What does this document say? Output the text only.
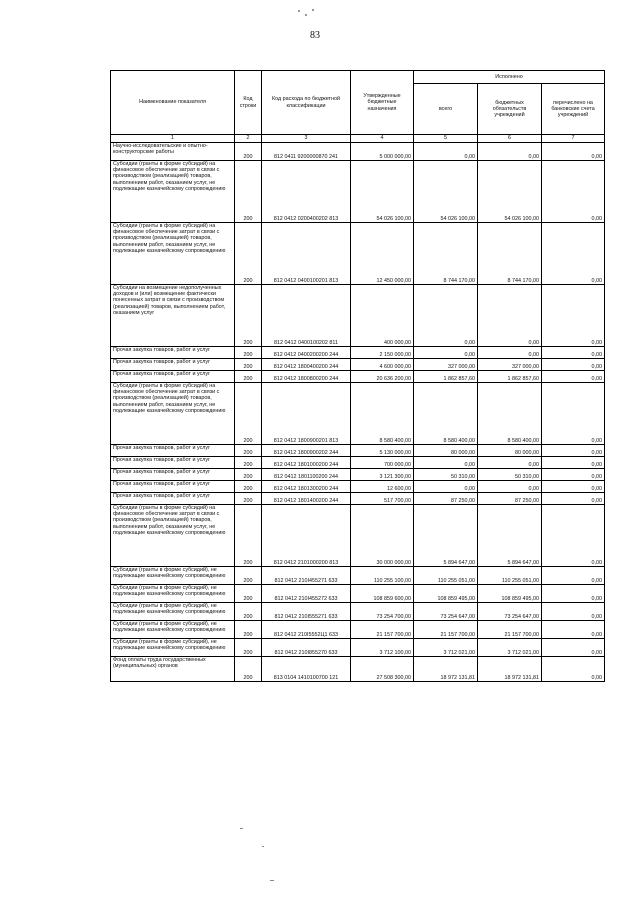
83
Наименование показателя	Код строки	Код расхода по бюджетной классификации	Утвержденные бюджетные назначения	Исполнено		
				всего	бюджетных обязательств учреждений	перечислено на банковские счета учреждений
1	2	3	4	5	6	7
Научно-исследовательские и опытно-конструкторские работы	200	812 0411 9200000870 241	5 000 000,00	0,00	0,00	0,00
Субсидии (гранты в форме субсидий) на финансовое обеспечение затрат в связи с производством (реализацией) товаров, выполнением работ, оказанием услуг, не подлежащие казначейскому сопровождению	200	812 0412 0200400202 813	54 026 100,00	54 026 100,00	54 026 100,00	0,00
Субсидии (гранты в форме субсидий) на финансовое обеспечение затрат в связи с производством (реализацией) товаров, выполнением работ, оказанием услуг, не подлежащие казначейскому сопровождению	200	812 0412 0400100201 813	12 450 000,00	8 744 170,00	8 744 170,00	0,00
Субсидии на возмещение недополученных доходов и (или) возмещение фактически понесенных затрат в связи с производством (реализацией) товаров, выполнением работ, оказанием услуг	200	812 0412 0400100202 811	400 000,00	0,00	0,00	0,00
Прочая закупка товаров, работ и услуг	200	812 0412 0400200200 244	2 150 000,00	0,00	0,00	0,00
Прочая закупка товаров, работ и услуг	200	812 0412 1800400200 244	4 600 000,00	327 000,00	327 000,00	0,00
Прочая закупка товаров, работ и услуг	200	812 0412 1800800200 244	20 636 200,00	1 862 857,60	1 862 857,60	0,00
Субсидии (гранты в форме субсидий) на финансовое обеспечение затрат в связи с производством (реализацией) товаров, выполнением работ, оказанием услуг, не подлежащие казначейскому сопровождению	200	812 0412 1800900201 813	8 580 400,00	8 580 400,00	8 580 400,00	0,00
Прочая закупка товаров, работ и услуг	200	812 0412 1800900202 244	5 130 000,00	80 000,00	80 000,00	0,00
Прочая закупка товаров, работ и услуг	200	812 0412 1801000200 244	700 000,00	0,00	0,00	0,00
Прочая закупка товаров, работ и услуг	200	812 0412 1801100200 244	3 121 300,00	50 310,00	50 310,00	0,00
Прочая закупка товаров, работ и услуг	200	812 0412 1801300200 244	12 600,00	0,00	0,00	0,00
Прочая закупка товаров, работ и услуг	200	812 0412 1801400200 244	517 700,00	87 250,00	87 250,00	0,00
Субсидии (гранты в форме субсидий) на финансовое обеспечение затрат в связи с производством (реализацией) товаров, выполнением работ, оказанием услуг, не подлежащие казначейскому сопровождению	200	812 0412 2101000200 813	30 000 000,00	5 894 647,00	5 894 647,00	0,00
Субсидии (гранты в форме субсидий), не подлежащие казначейскому сопровождению	200	812 0412 210I455271 633	110 255 100,00	110 255 051,00	110 255 051,00	0,00
Субсидии (гранты в форме субсидий), не подлежащие казначейскому сопровождению	200	812 0412 210I455272 633	108 859 600,00	108 859 495,00	108 859 495,00	0,00
Субсидии (гранты в форме субсидий), не подлежащие казначейскому сопровождению	200	812 0412 210I555271 633	73 254 700,00	73 254 647,00	73 254 647,00	0,00
Субсидии (гранты в форме субсидий), не подлежащие казначейскому сопровождению	200	812 0412 210I5552Ц1 633	21 157 700,00	21 157 700,00	21 157 700,00	0,00
Субсидии (гранты в форме субсидий), не подлежащие казначейскому сопровождению	200	812 0412 210I855270 633	3 712 100,00	3 712 021,00	3 712 021,00	0,00
Фонд оплаты труда государственных (муниципальных) органов	200	813 0104 1410100700 121	27 508 300,00	18 972 131,81	18 972 131,81	0,00
